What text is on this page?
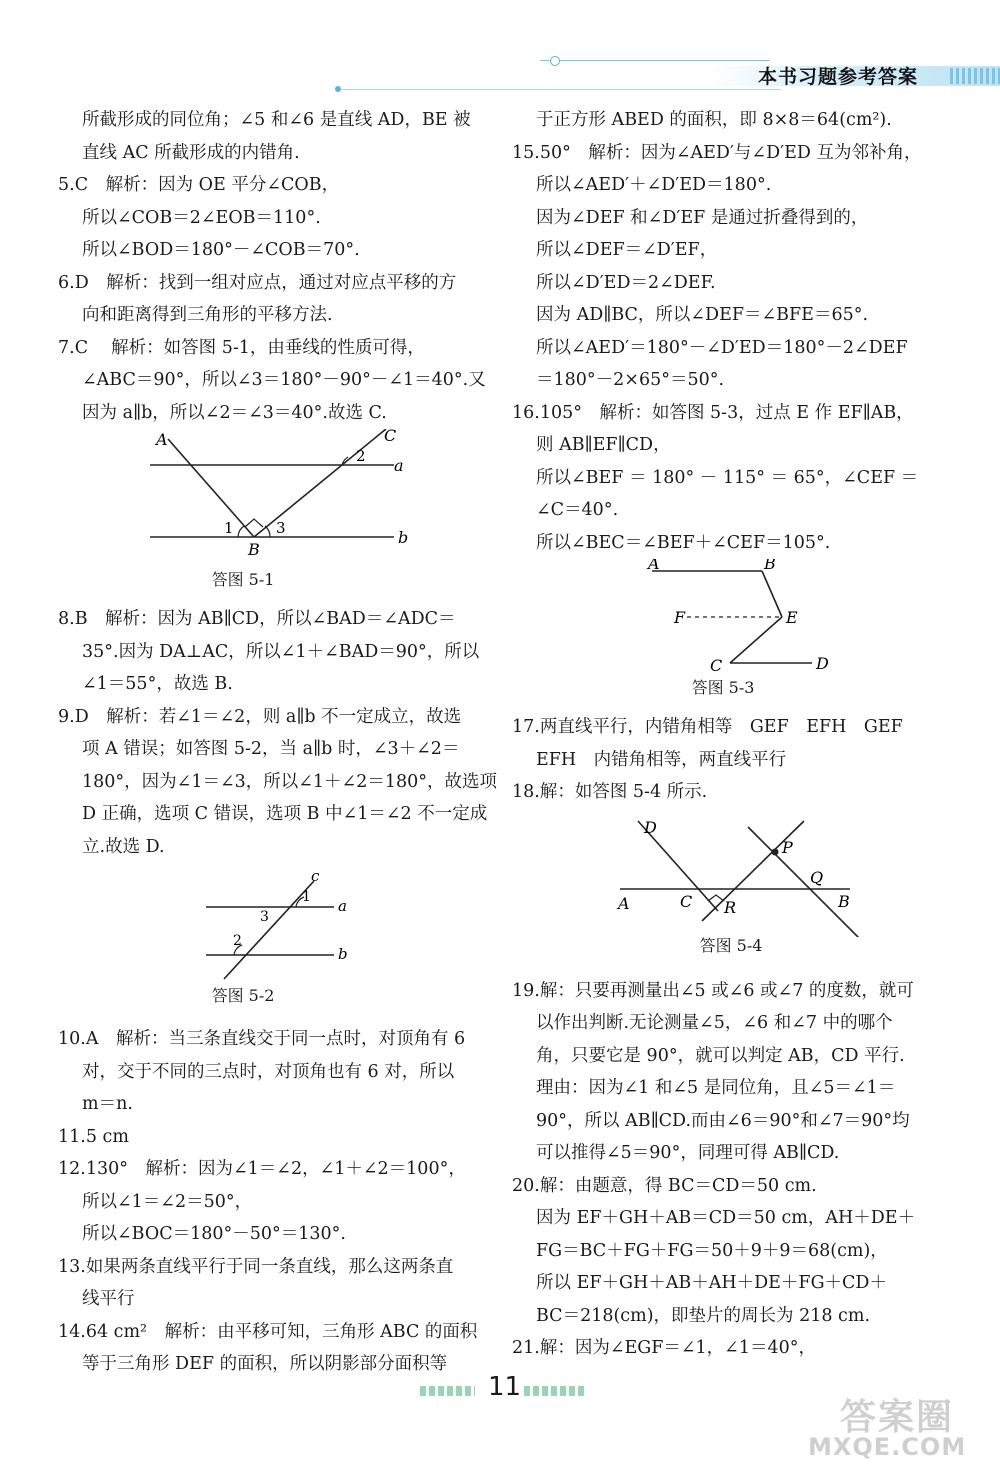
本书习题参考答案

所截形成的同位角；∠5 和∠6 是直线 AD，BE 被

直线 AC 所截形成的内错角.

5.C　解析：因为 OE 平分∠COB，

所以∠COB＝2∠EOB＝110°.

所以∠BOD＝180°－∠COB＝70°.

6.D　解析：找到一组对应点，通过对应点平移的方

向和距离得到三角形的平移方法.

7.C　 解析：如答图 5-1，由垂线的性质可得，

∠ABC＝90°，所以∠3＝180°－90°－∠1＝40°.又

因为 a∥b，所以∠2＝∠3＝40°.故选 C.

A	C
a
b
B
1	3
2
答图 5-1

8.B　解析：因为 AB∥CD，所以∠BAD＝∠ADC＝

35°.因为 DA⊥AC，所以∠1＋∠BAD＝90°，所以

∠1＝55°，故选 B.

9.D　解析：若∠1＝∠2，则 a∥b 不一定成立，故选

项 A 错误；如答图 5-2，当 a∥b 时，∠3＋∠2＝

180°，因为∠1＝∠3，所以∠1＋∠2＝180°，故选项

D 正确，选项 C 错误，选项 B 中∠1＝∠2 不一定成

立.故选 D.

c
a
b
1
3
2
答图 5-2

10.A　解析：当三条直线交于同一点时，对顶角有 6

对，交于不同的三点时，对顶角也有 6 对，所以

m＝n.

11.5 cm

12.130°　解析：因为∠1＝∠2，∠1＋∠2＝100°，

所以∠1＝∠2＝50°，

所以∠BOC＝180°－50°＝130°.

13.如果两条直线平行于同一条直线，那么这两条直

线平行

14.64 cm²　解析：由平移可知，三角形 ABC 的面积

等于三角形 DEF 的面积，所以阴影部分面积等

于正方形 ABED 的面积，即 8×8＝64(cm²).

15.50°　解析：因为∠AED′与∠D′ED 互为邻补角，

所以∠AED′＋∠D′ED＝180°.

因为∠DEF 和∠D′EF 是通过折叠得到的，

所以∠DEF＝∠D′EF，

所以∠D′ED＝2∠DEF.

因为 AD∥BC，所以∠DEF＝∠BFE＝65°.

所以∠AED′＝180°－∠D′ED＝180°－2∠DEF

＝180°－2×65°＝50°.

16.105°　解析：如答图 5-3，过点 E 作 EF∥AB，

则 AB∥EF∥CD，

所以∠BEF ＝ 180° － 115° ＝ 65°，∠CEF ＝

∠C＝40°.

所以∠BEC＝∠BEF＋∠CEF＝105°.

A	B
F	E
C	D
答图 5-3

17.两直线平行，内错角相等　GEF　EFH　GEF

EFH　内错角相等，两直线平行

18.解：如答图 5-4 所示.

D
P
Q
A	C R	B
答图 5-4

19.解：只要再测量出∠5 或∠6 或∠7 的度数，就可

以作出判断.无论测量∠5，∠6 和∠7 中的哪个

角，只要它是 90°，就可以判定 AB，CD 平行.

理由：因为∠1 和∠5 是同位角，且∠5＝∠1＝

90°，所以 AB∥CD.而由∠6＝90°和∠7＝90°均

可以推得∠5＝90°，同理可得 AB∥CD.

20.解：由题意，得 BC＝CD＝50 cm.

因为 EF＋GH＋AB＝CD＝50 cm，AH＋DE＋

FG＝BC＋FG＋FG＝50＋9＋9＝68(cm)，

所以 EF＋GH＋AB＋AH＋DE＋FG＋CD＋

BC＝218(cm)，即垫片的周长为 218 cm.

21.解：因为∠EGF＝∠1，∠1＝40°，

11
答案圈
MXQE.COM
